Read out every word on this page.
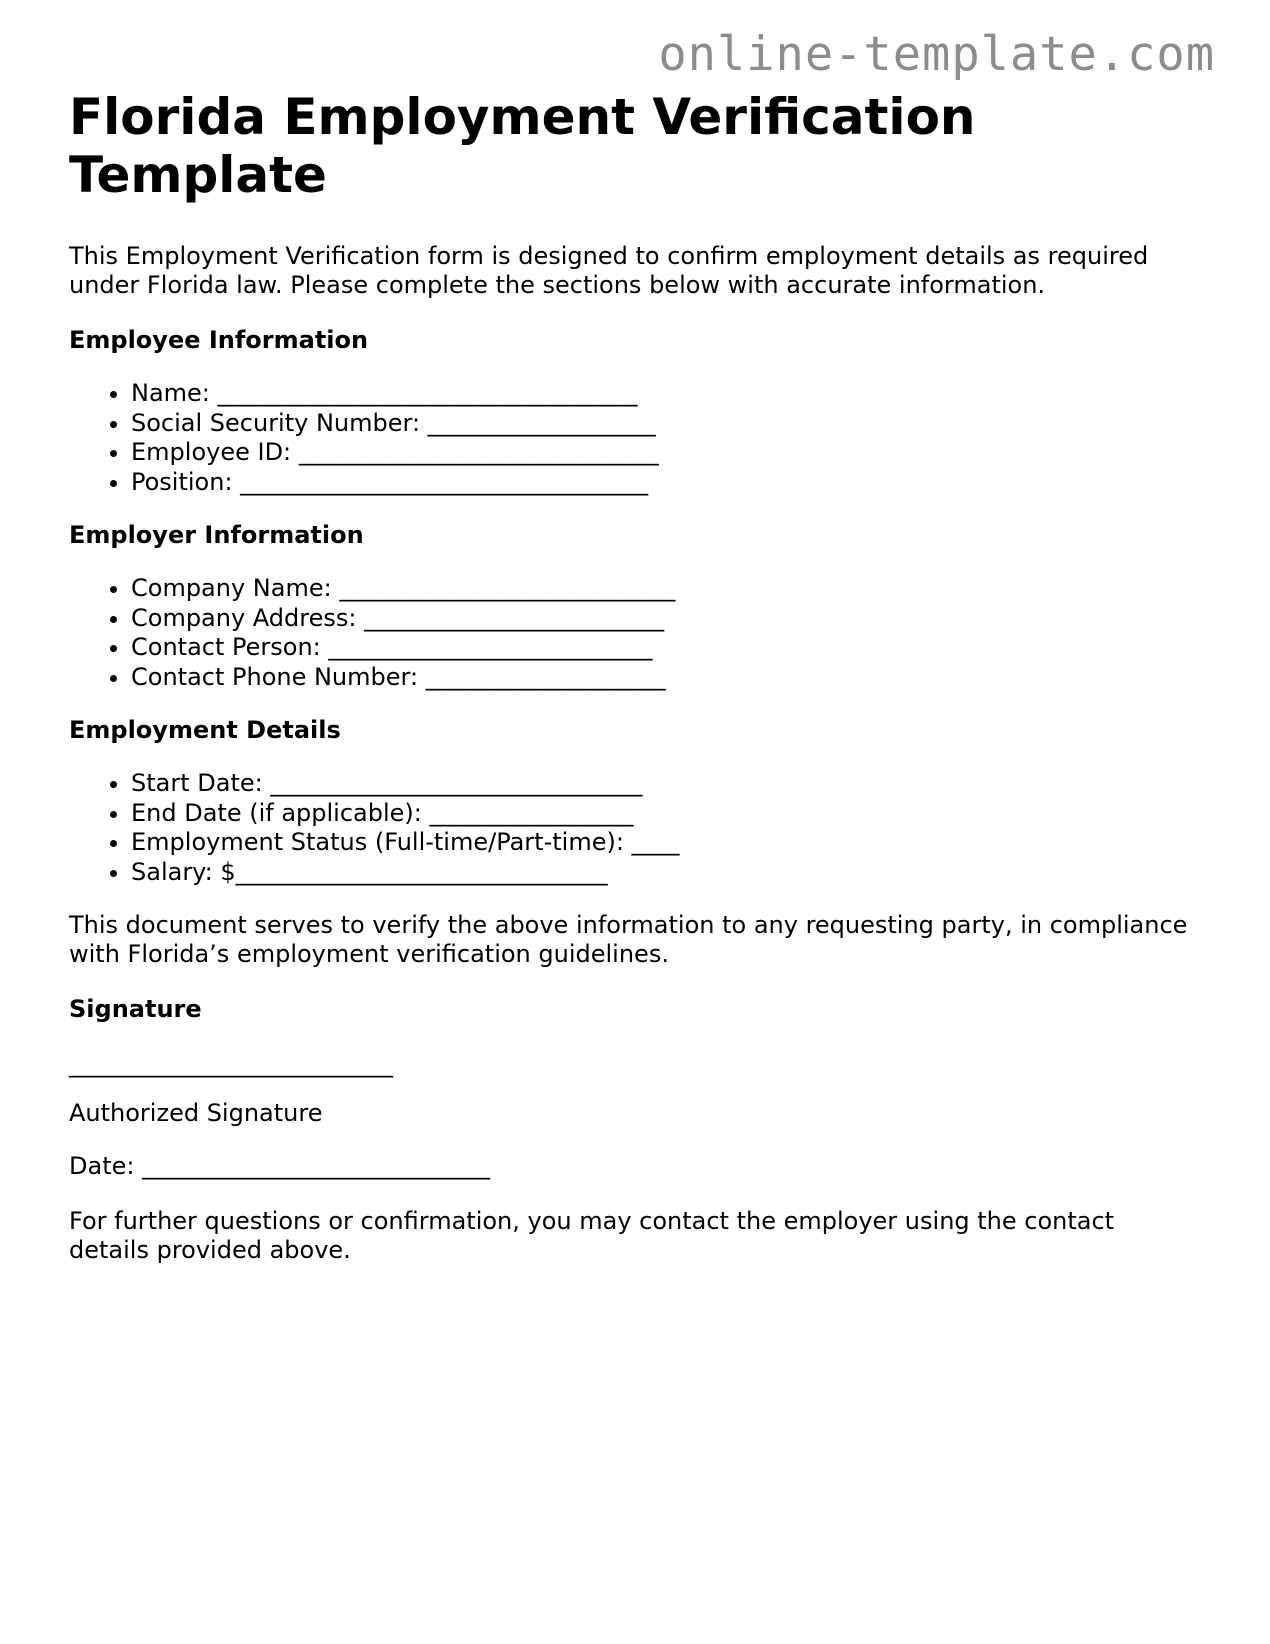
online-template.com

Florida Employment Verification Template

This Employment Verification form is designed to confirm employment details as required under Florida law. Please complete the sections below with accurate information.

Employee Information
• Name: ___________________________________
• Social Security Number: ___________________
• Employee ID: ______________________________
• Position: __________________________________
Employer Information
• Company Name: ____________________________
• Company Address: _________________________
• Contact Person: ___________________________
• Contact Phone Number: ____________________
Employment Details
• Start Date: _______________________________
• End Date (if applicable): _________________
• Employment Status (Full-time/Part-time): ____
• Salary: $_______________________________

This document serves to verify the above information to any requesting party, in compliance with Florida’s employment verification guidelines.

Signature
___________________________

Authorized Signature

Date: _____________________________

For further questions or confirmation, you may contact the employer using the contact details provided above.
